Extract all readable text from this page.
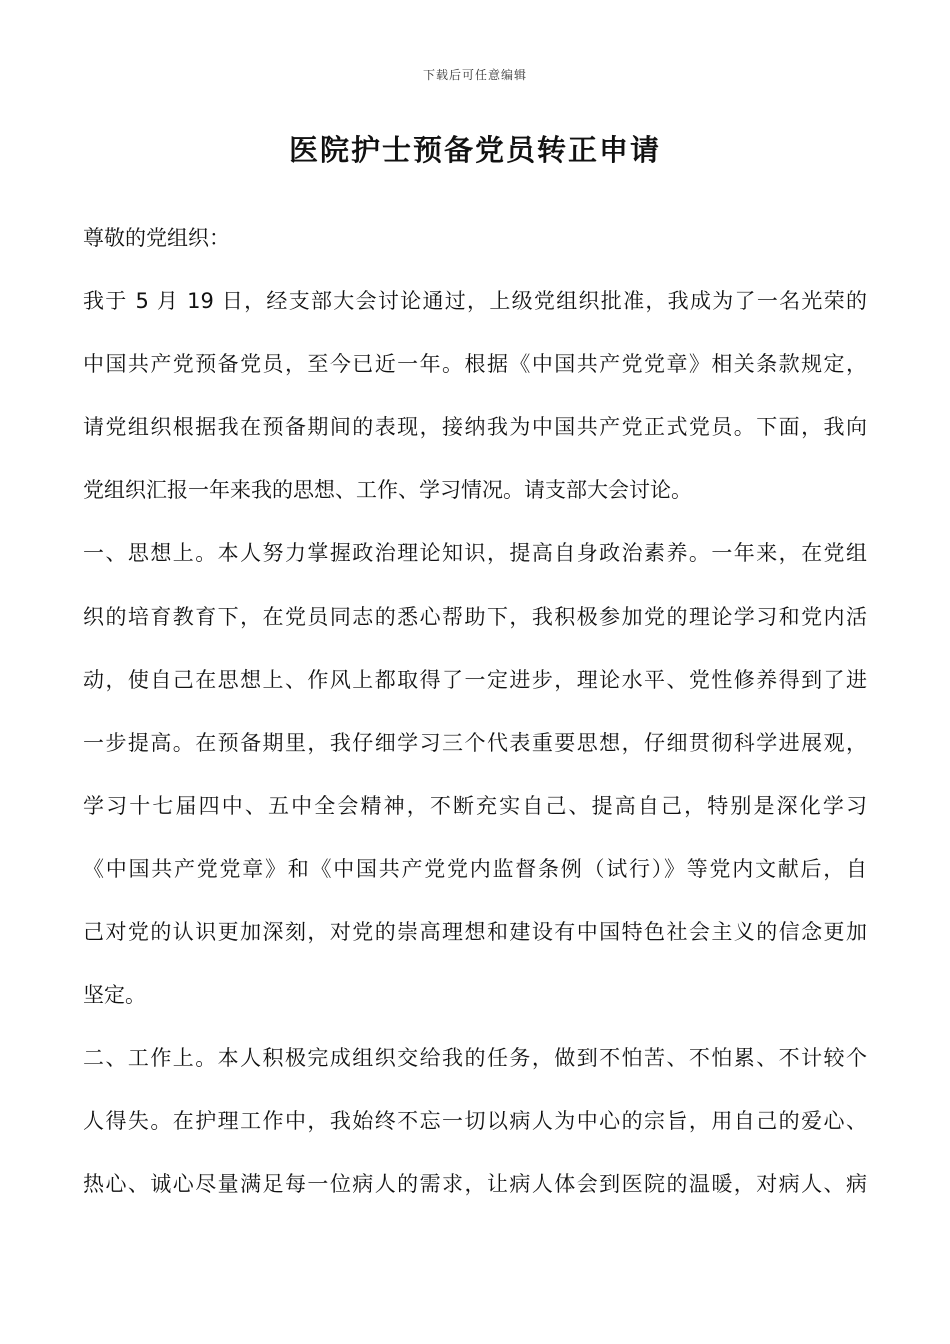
下载后可任意编辑
医院护士预备党员转正申请
尊敬的党组织：
我于 5 月 19 日，经支部大会讨论通过，上级党组织批准，我成为了一名光荣的
中国共产党预备党员，至今已近一年。根据《中国共产党党章》相关条款规定，
请党组织根据我在预备期间的表现，接纳我为中国共产党正式党员。下面，我向
党组织汇报一年来我的思想、工作、学习情况。请支部大会讨论。
一、思想上。本人努力掌握政治理论知识，提高自身政治素养。一年来，在党组
织的培育教育下，在党员同志的悉心帮助下，我积极参加党的理论学习和党内活
动，使自己在思想上、作风上都取得了一定进步，理论水平、党性修养得到了进
一步提高。在预备期里，我仔细学习三个代表重要思想，仔细贯彻科学进展观，
学习十七届四中、五中全会精神，不断充实自己、提高自己，特别是深化学习
《中国共产党党章》和《中国共产党党内监督条例（试行）》等党内文献后，自
己对党的认识更加深刻，对党的崇高理想和建设有中国特色社会主义的信念更加
坚定。
二、工作上。本人积极完成组织交给我的任务，做到不怕苦、不怕累、不计较个
人得失。在护理工作中，我始终不忘一切以病人为中心的宗旨，用自己的爱心、
热心、诚心尽量满足每一位病人的需求，让病人体会到医院的温暖，对病人、病
